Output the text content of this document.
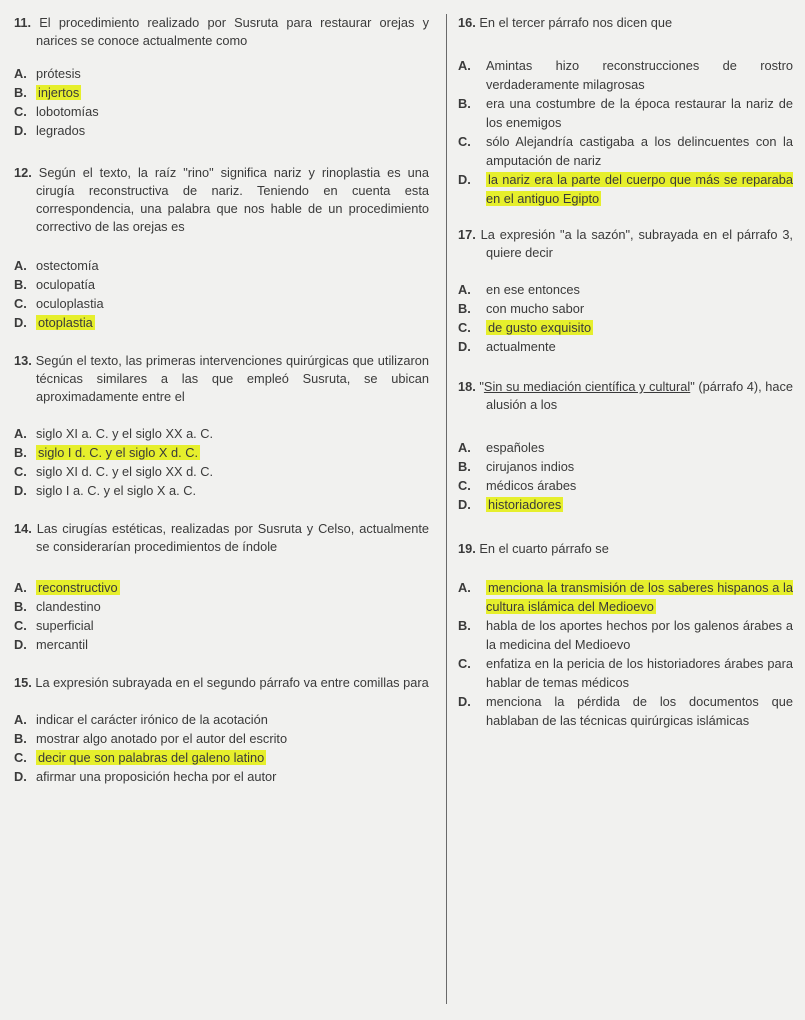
11. El procedimiento realizado por Susruta para restaurar orejas y narices se conoce actualmente como

A. prótesis
B. injertos
C. lobotomías
D. legrados

12. Según el texto, la raíz "rino" significa nariz y rinoplastia es una cirugía reconstructiva de nariz. Teniendo en cuenta esta correspondencia, una palabra que nos hable de un procedimiento correctivo de las orejas es

A. ostectomía
B. oculopatía
C. oculoplastia
D. otoplastia

13. Según el texto, las primeras intervenciones quirúrgicas que utilizaron técnicas similares a las que empleó Susruta, se ubican aproximadamente entre el

A. siglo XI a. C. y el siglo XX a. C.
B. siglo I d. C. y el siglo X d. C.
C. siglo XI d. C. y el siglo XX d. C.
D. siglo I a. C. y el siglo X a. C.

14. Las cirugías estéticas, realizadas por Susruta y Celso, actualmente se considerarían procedimientos de índole

A. reconstructivo
B. clandestino
C. superficial
D. mercantil

15. La expresión subrayada en el segundo párrafo va entre comillas para

A. indicar el carácter irónico de la acotación
B. mostrar algo anotado por el autor del escrito
C. decir que son palabras del galeno latino
D. afirmar una proposición hecha por el autor

16. En el tercer párrafo nos dicen que

A. Amintas hizo reconstrucciones de rostro verdaderamente milagrosas
B. era una costumbre de la época restaurar la nariz de los enemigos
C. sólo Alejandría castigaba a los delincuentes con la amputación de nariz
D. la nariz era la parte del cuerpo que más se reparaba en el antiguo Egipto

17. La expresión "a la sazón", subrayada en el párrafo 3, quiere decir

A. en ese entonces
B. con mucho sabor
C. de gusto exquisito
D. actualmente

18. "Sin su mediación científica y cultural" (párrafo 4), hace alusión a los

A. españoles
B. cirujanos indios
C. médicos árabes
D. historiadores

19. En el cuarto párrafo se

A. menciona la transmisión de los saberes hispanos a la cultura islámica del Medioevo
B. habla de los aportes hechos por los galenos árabes a la medicina del Medioevo
C. enfatiza en la pericia de los historiadores árabes para hablar de temas médicos
D. menciona la pérdida de los documentos que hablaban de las técnicas quirúrgicas islámicas
